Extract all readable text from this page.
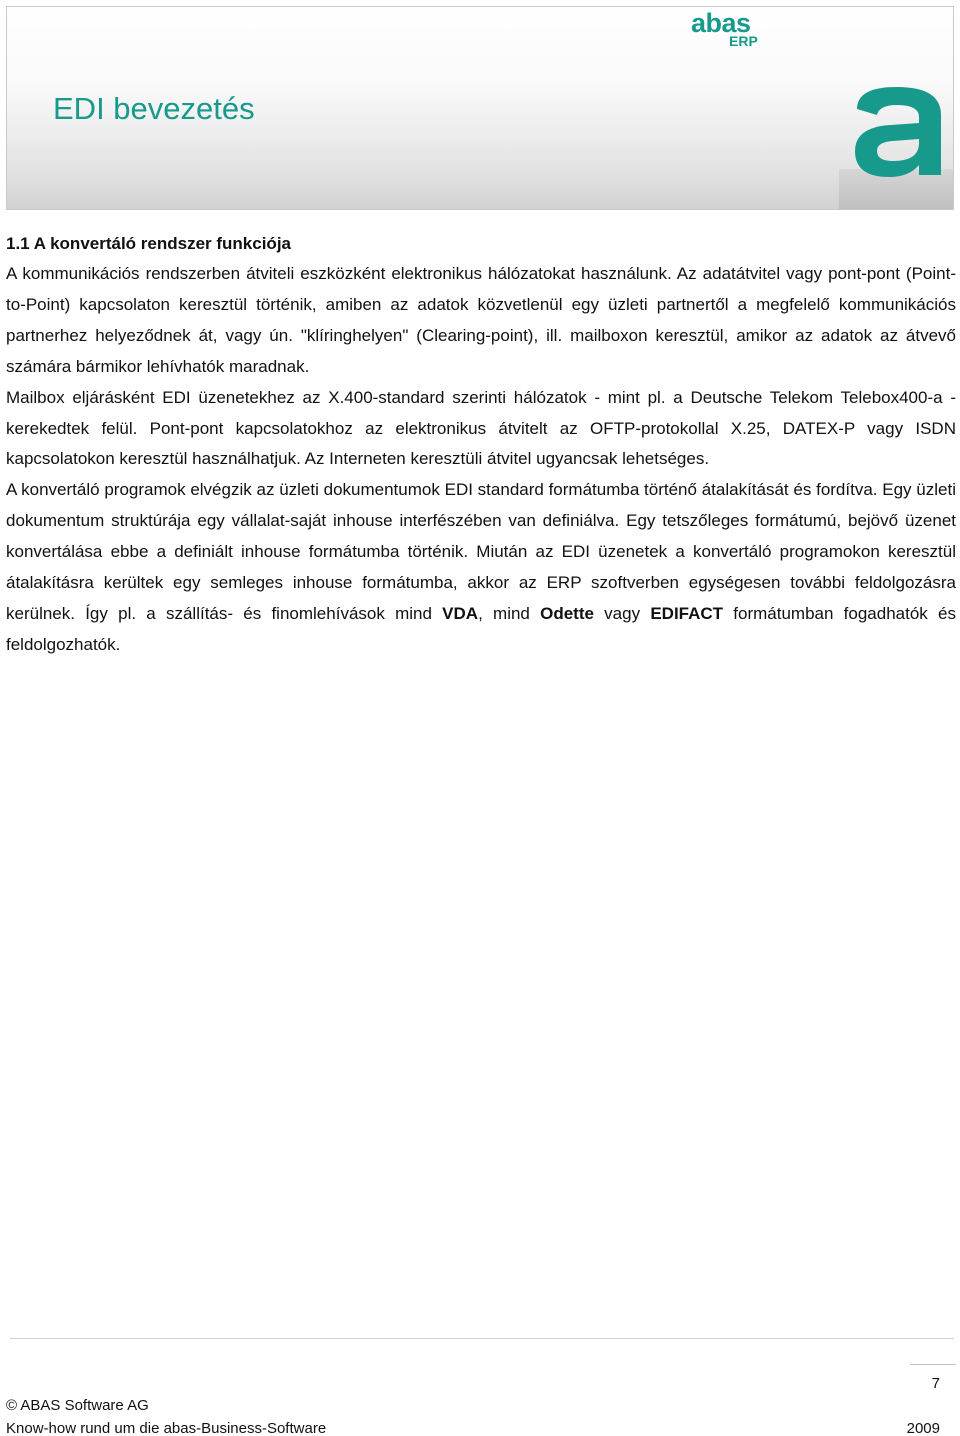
abas
ERP
EDI bevezetés
1.1 A konvertáló rendszer funkciója

A kommunikációs rendszerben átviteli eszközként elektronikus hálózatokat használunk. Az adatátvitel vagy pont-pont (Point-to-Point) kapcsolaton keresztül történik, amiben az adatok közvetlenül egy üzleti partnertől a megfelelő kommunikációs partnerhez helyeződnek át, vagy ún. "klíringhelyen" (Clearing-point), ill. mailboxon keresztül, amikor az adatok az átvevő számára bármikor lehívhatók maradnak.

Mailbox eljárásként EDI üzenetekhez az X.400-standard szerinti hálózatok - mint pl. a Deutsche Telekom Telebox400-a - kerekedtek felül. Pont-pont kapcsolatokhoz az elektronikus átvitelt az OFTP-protokollal X.25, DATEX-P vagy ISDN kapcsolatokon keresztül használhatjuk. Az Interneten keresztüli átvitel ugyancsak lehetséges.

A konvertáló programok elvégzik az üzleti dokumentumok EDI standard formátumba történő átalakítását és fordítva. Egy üzleti dokumentum struktúrája egy vállalat-saját inhouse interfészében van definiálva. Egy tetszőleges formátumú, bejövő üzenet konvertálása ebbe a definiált inhouse formátumba történik. Miután az EDI üzenetek a konvertáló programokon keresztül átalakításra kerültek egy semleges inhouse formátumba, akkor az ERP szoftverben egységesen további feldolgozásra kerülnek. Így pl. a szállítás- és finomlehívások mind VDA, mind Odette vagy EDIFACT formátumban fogadhatók és feldolgozhatók.

7
© ABAS Software AG
Know-how rund um die abas-Business-Software	2009
